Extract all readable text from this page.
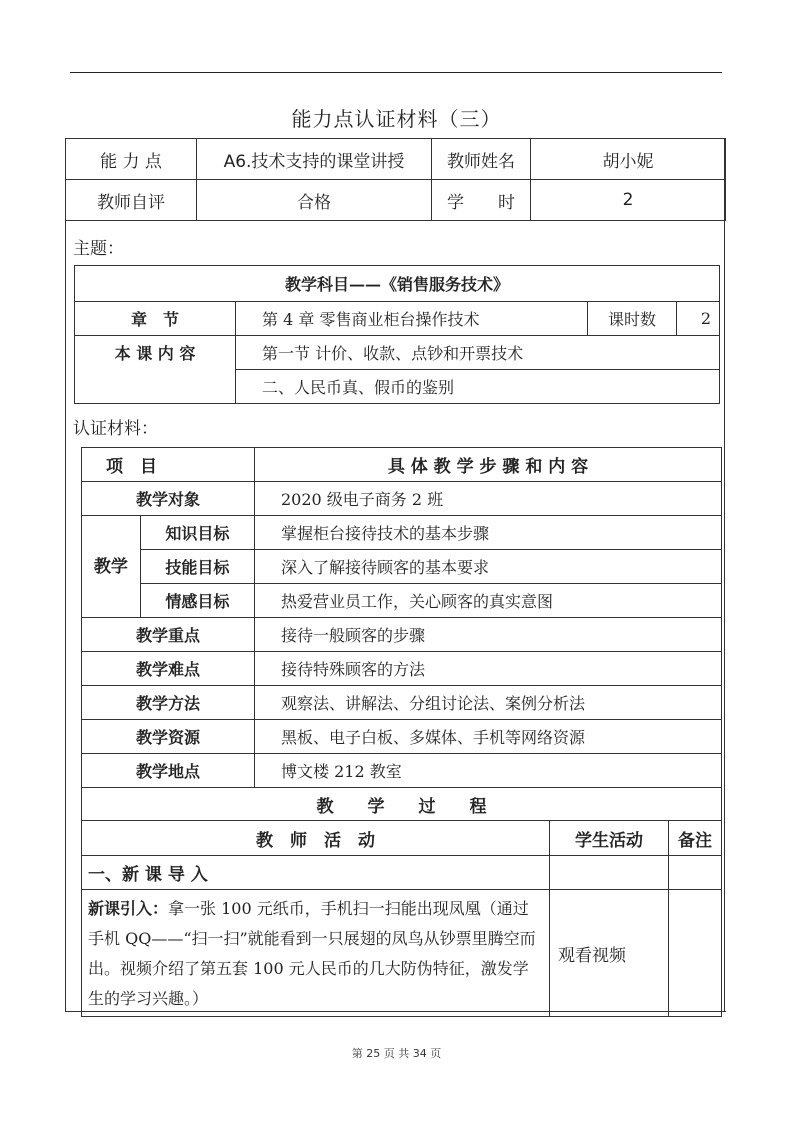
能力点认证材料（三）
能 力 点	A6.技术支持的课堂讲授	教师姓名	胡小妮
教师自评	合格	学　　时	2
主题：
教学科目——《销售服务技术》			
章　节	第 4 章 零售商业柜台操作技术	课时数	2
本 课 内 容	第一节 计价、收款、点钞和开票技术		
	二、人民币真、假币的鉴别		
认证材料：
项　目		具 体 教 学 步 骤 和 内 容		
教学对象		2020 级电子商务 2 班		
教学	知识目标	掌握柜台接待技术的基本步骤		
	技能目标	深入了解接待顾客的基本要求		
	情感目标	热爱营业员工作，关心顾客的真实意图		
教学重点		接待一般顾客的步骤		
教学难点		接待特殊顾客的方法		
教学方法		观察法、讲解法、分组讨论法、案例分析法		
教学资源		黑板、电子白板、多媒体、手机等网络资源		
教学地点		博文楼 212 教室		
教　　学　　过　　程				
教　师　活　动			学生活动	备注
一、新 课 导 入				
新课引入：拿一张 100 元纸币，手机扫一扫能出现凤凰（通过手机 QQ——“扫一扫”就能看到一只展翅的凤鸟从钞票里腾空而出。视频介绍了第五套 100 元人民币的几大防伪特征，激发学生的学习兴趣。）			观看视频	
第 25 页 共 34 页
